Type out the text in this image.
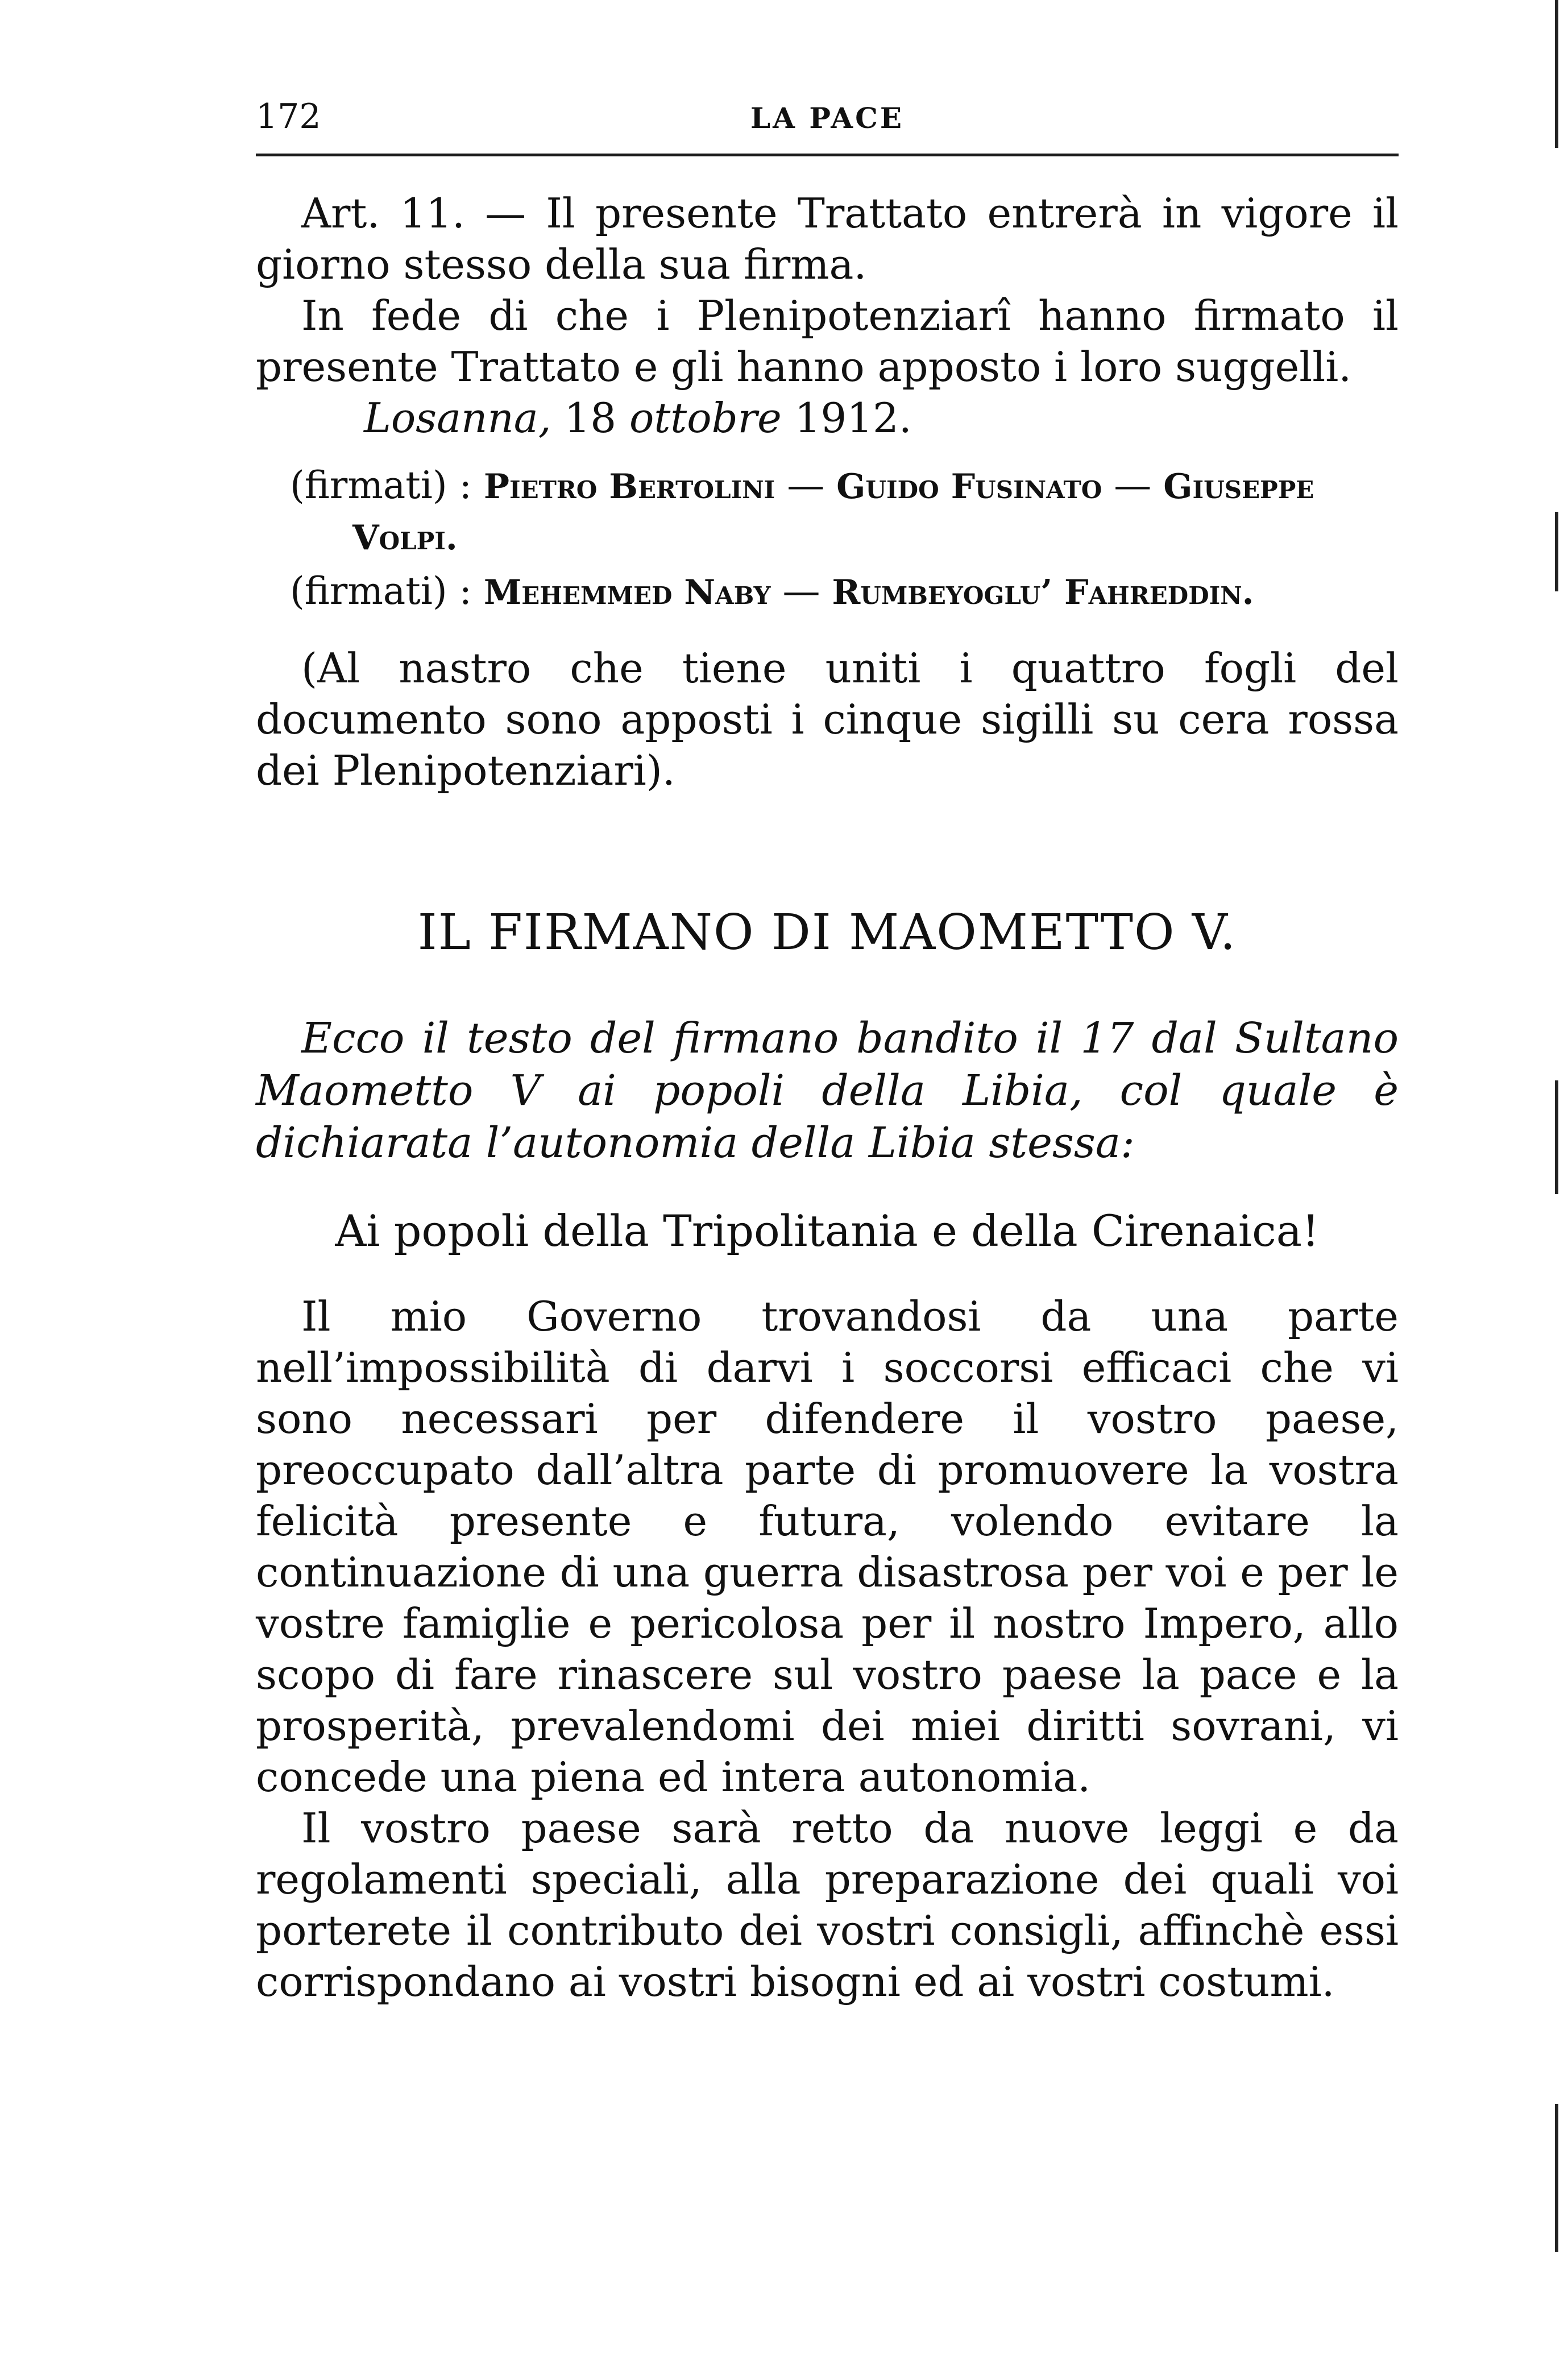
172	LA PACE

Art. 11. — Il presente Trattato entrerà in vigore il giorno stesso della sua firma.

In fede di che i Plenipotenziarî hanno firmato il presente Trattato e gli hanno apposto i loro suggelli.

Losanna, 18 ottobre 1912.

(firmati) : Pietro Bertolini — Guido Fusinato — Giuseppe Volpi.

(firmati) : Mehemmed Naby — Rumbeyoglu’ Fahreddin.

(Al nastro che tiene uniti i quattro fogli del documento sono apposti i cinque sigilli su cera rossa dei Plenipotenziari).

IL FIRMANO DI MAOMETTO V.

Ecco il testo del firmano bandito il 17 dal Sultano Maometto V ai popoli della Libia, col quale è dichiarata l’autonomia della Libia stessa:

Ai popoli della Tripolitania e della Cirenaica!

Il mio Governo trovandosi da una parte nell’impossibilità di darvi i soccorsi efficaci che vi sono necessari per difendere il vostro paese, preoccupato dall’altra parte di promuovere la vostra felicità presente e futura, volendo evitare la continuazione di una guerra disastrosa per voi e per le vostre famiglie e pericolosa per il nostro Impero, allo scopo di fare rinascere sul vostro paese la pace e la prosperità, prevalendomi dei miei diritti sovrani, vi concede una piena ed intera autonomia.

Il vostro paese sarà retto da nuove leggi e da regolamenti speciali, alla preparazione dei quali voi porterete il contributo dei vostri consigli, affinchè essi corrispondano ai vostri bisogni ed ai vostri costumi.
